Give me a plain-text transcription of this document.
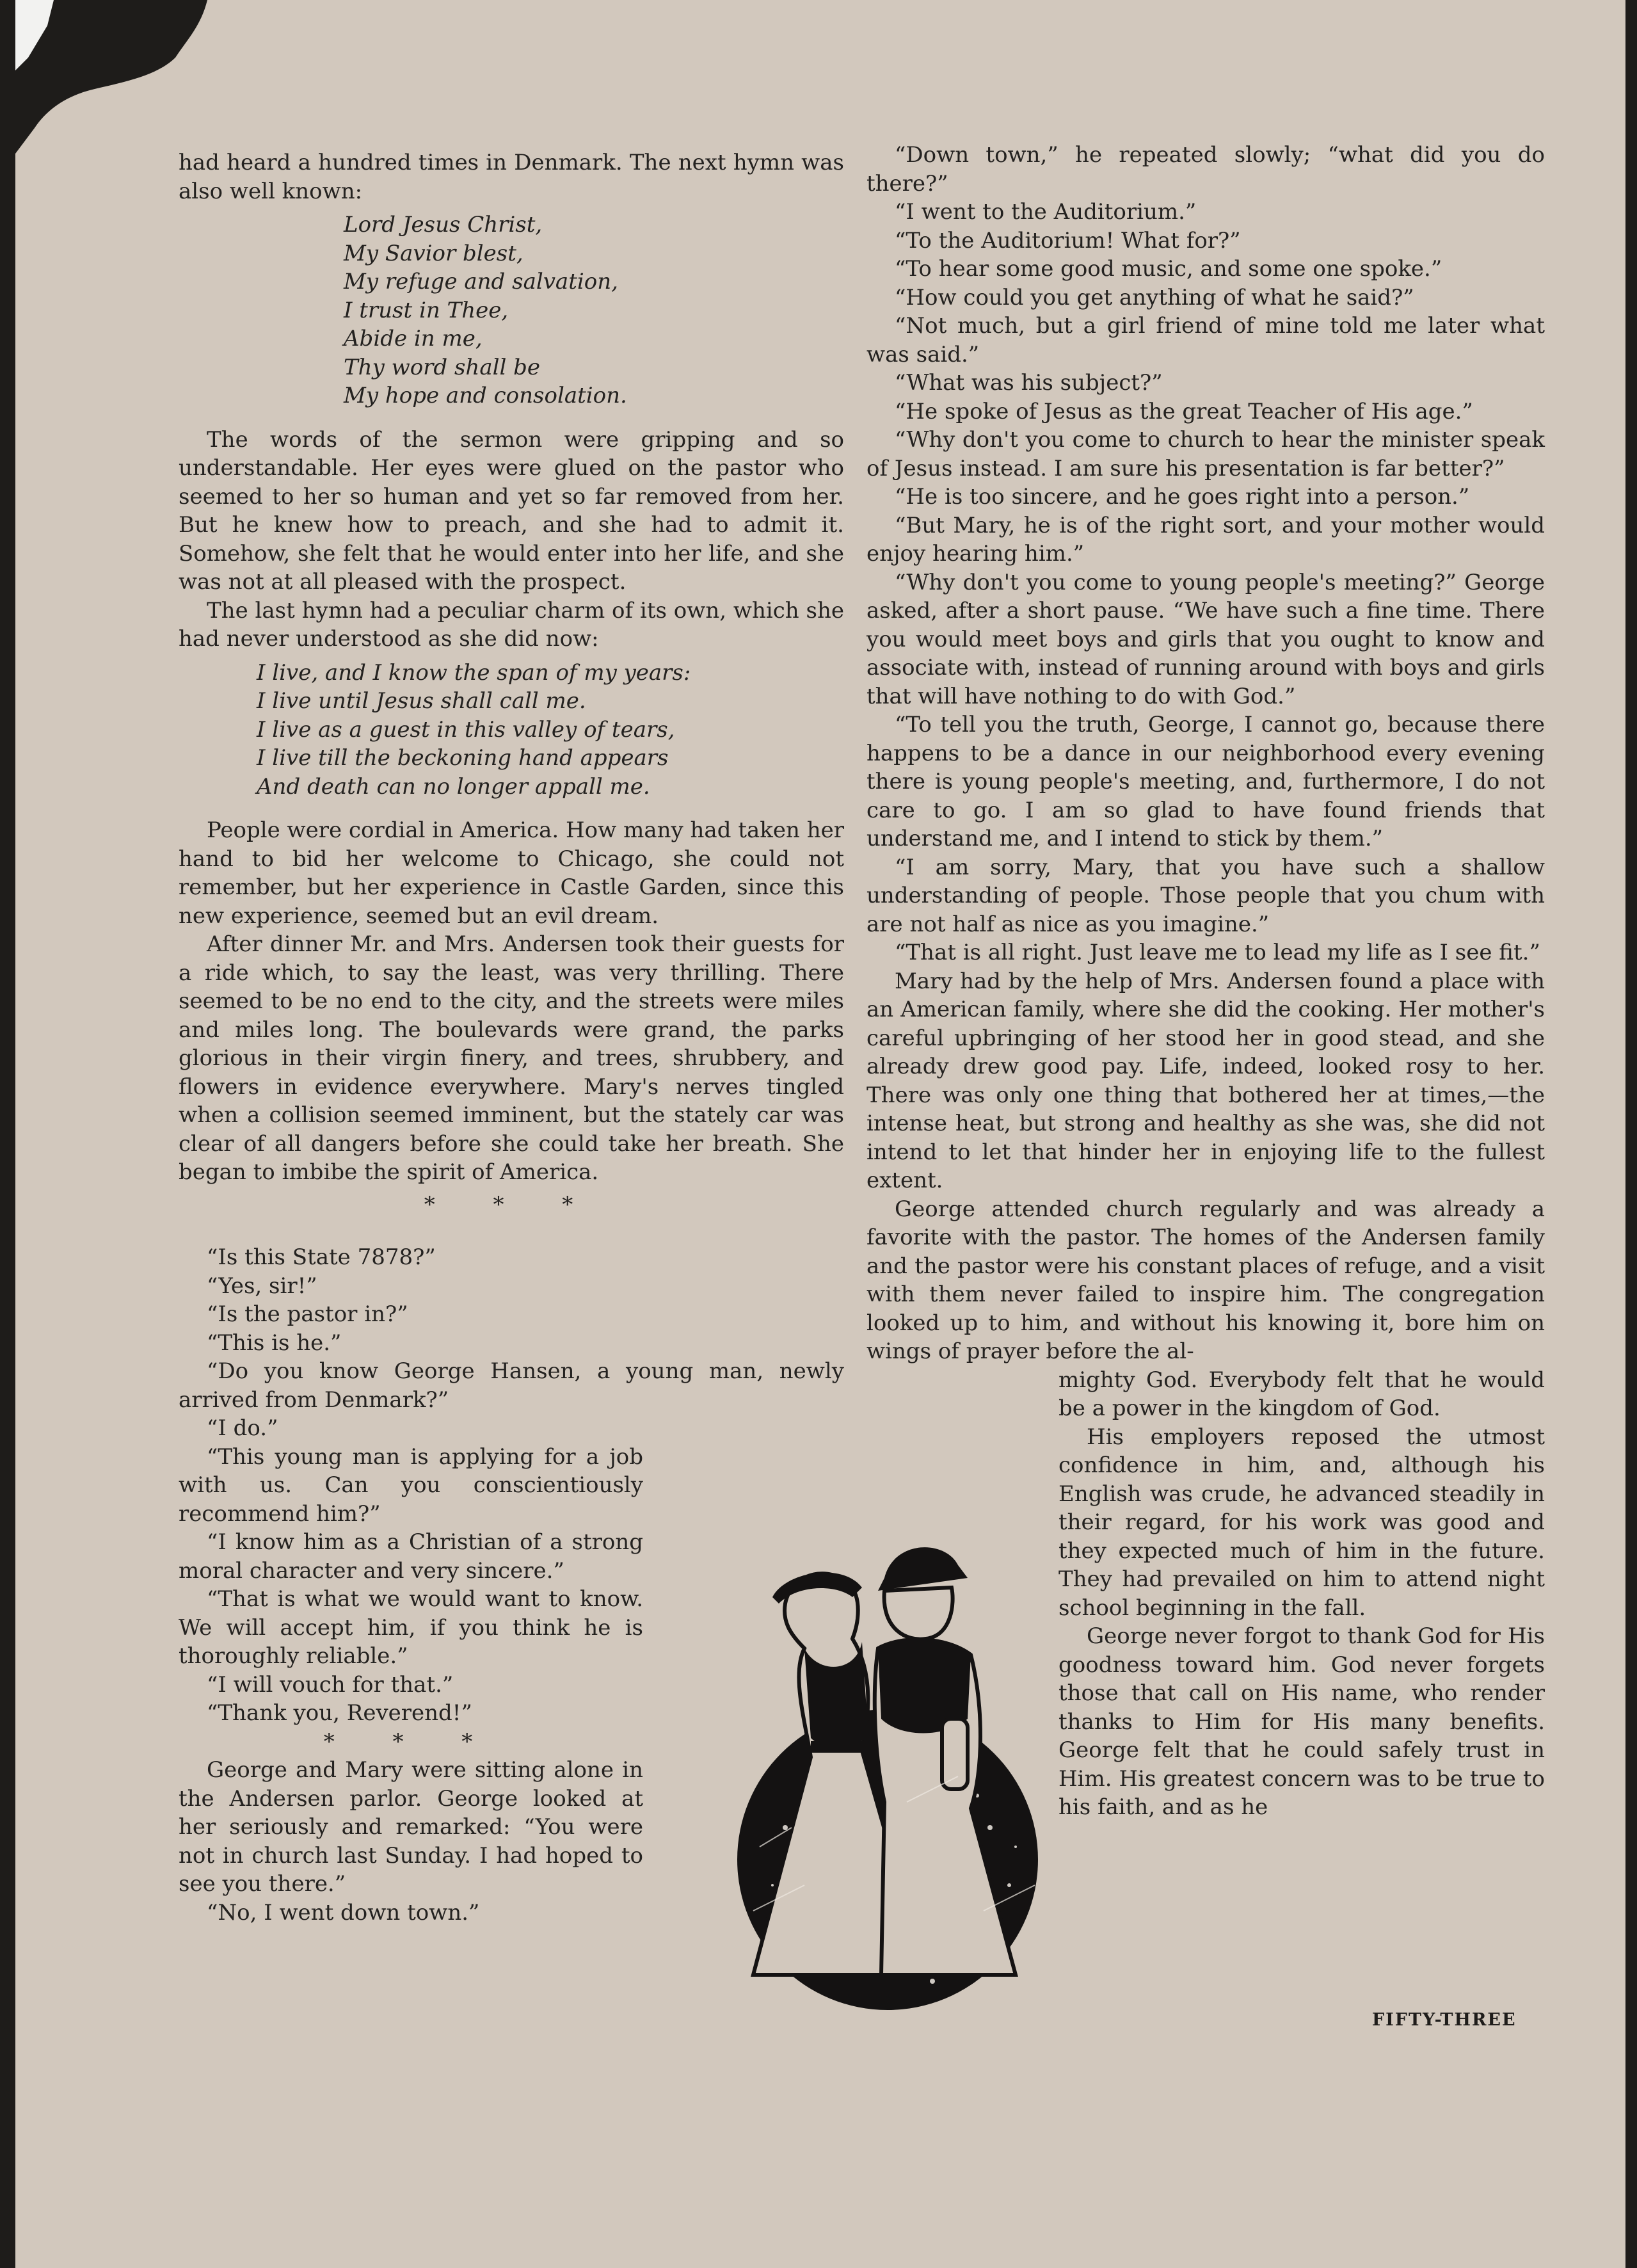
had heard a hundred times in Denmark. The next hymn was also well known:

Lord Jesus Christ,
My Savior blest,
My refuge and salvation,
I trust in Thee,
Abide in me,
Thy word shall be
My hope and consolation.

The words of the sermon were gripping and so understandable. Her eyes were glued on the pastor who seemed to her so human and yet so far removed from her. But he knew how to preach, and she had to admit it. Somehow, she felt that he would enter into her life, and she was not at all pleased with the prospect.

The last hymn had a peculiar charm of its own, which she had never understood as she did now:

I live, and I know the span of my years:
I live until Jesus shall call me.
I live as a guest in this valley of tears,
I live till the beckoning hand appears
And death can no longer appall me.

People were cordial in America. How many had taken her hand to bid her welcome to Chicago, she could not remember, but her experience in Castle Garden, since this new experience, seemed but an evil dream.

After dinner Mr. and Mrs. Andersen took their guests for a ride which, to say the least, was very thrilling. There seemed to be no end to the city, and the streets were miles and miles long. The boulevards were grand, the parks glorious in their virgin finery, and trees, shrubbery, and flowers in evidence everywhere. Mary's nerves tingled when a collision seemed imminent, but the stately car was clear of all dangers before she could take her breath. She began to imbibe the spirit of America.

* * *

“Is this State 7878?”

“Yes, sir!”

“Is the pastor in?”

“This is he.”

“Do you know George Hansen, a young man, newly arrived from Denmark?”

“I do.”

“This young man is applying for a job with us. Can you conscientiously recommend him?”

“I know him as a Christian of a strong moral character and very sincere.”

“That is what we would want to know. We will accept him, if you think he is thoroughly reliable.”

“I will vouch for that.”

“Thank you, Reverend!”

* * *

George and Mary were sitting alone in the Andersen parlor. George looked at her seriously and remarked: “You were not in church last Sunday. I had hoped to see you there.”

“No, I went down town.”

“Down town,” he repeated slowly; “what did you do there?”

“I went to the Auditorium.”

“To the Auditorium! What for?”

“To hear some good music, and some one spoke.”

“How could you get anything of what he said?”

“Not much, but a girl friend of mine told me later what was said.”

“What was his subject?”

“He spoke of Jesus as the great Teacher of His age.”

“Why don't you come to church to hear the minister speak of Jesus instead. I am sure his presentation is far better?”

“He is too sincere, and he goes right into a person.”

“But Mary, he is of the right sort, and your mother would enjoy hearing him.”

“Why don't you come to young people's meeting?” George asked, after a short pause. “We have such a fine time. There you would meet boys and girls that you ought to know and associate with, instead of running around with boys and girls that will have nothing to do with God.”

“To tell you the truth, George, I cannot go, because there happens to be a dance in our neighborhood every evening there is young people's meeting, and, furthermore, I do not care to go. I am so glad to have found friends that understand me, and I intend to stick by them.”

“I am sorry, Mary, that you have such a shallow understanding of people. Those people that you chum with are not half as nice as you imagine.”

“That is all right. Just leave me to lead my life as I see fit.”

Mary had by the help of Mrs. Andersen found a place with an American family, where she did the cooking. Her mother's careful upbringing of her stood her in good stead, and she already drew good pay. Life, indeed, looked rosy to her. There was only one thing that bothered her at times,—the intense heat, but strong and healthy as she was, she did not intend to let that hinder her in enjoying life to the fullest extent.

George attended church regularly and was already a favorite with the pastor. The homes of the Andersen family and the pastor were his constant places of refuge, and a visit with them never failed to inspire him. The congregation looked up to him, and without his knowing it, bore him on wings of prayer before the al-

mighty God. Everybody felt that he would be a power in the kingdom of God.

His employers reposed the utmost confidence in him, and, although his English was crude, he advanced steadily in their regard, for his work was good and they expected much of him in the future. They had prevailed on him to attend night school beginning in the fall.

George never forgot to thank God for His goodness toward him. God never forgets those that call on His name, who render thanks to Him for His many benefits. George felt that he could safely trust in Him. His greatest concern was to be true to his faith, and as he

FIFTY-THREE
